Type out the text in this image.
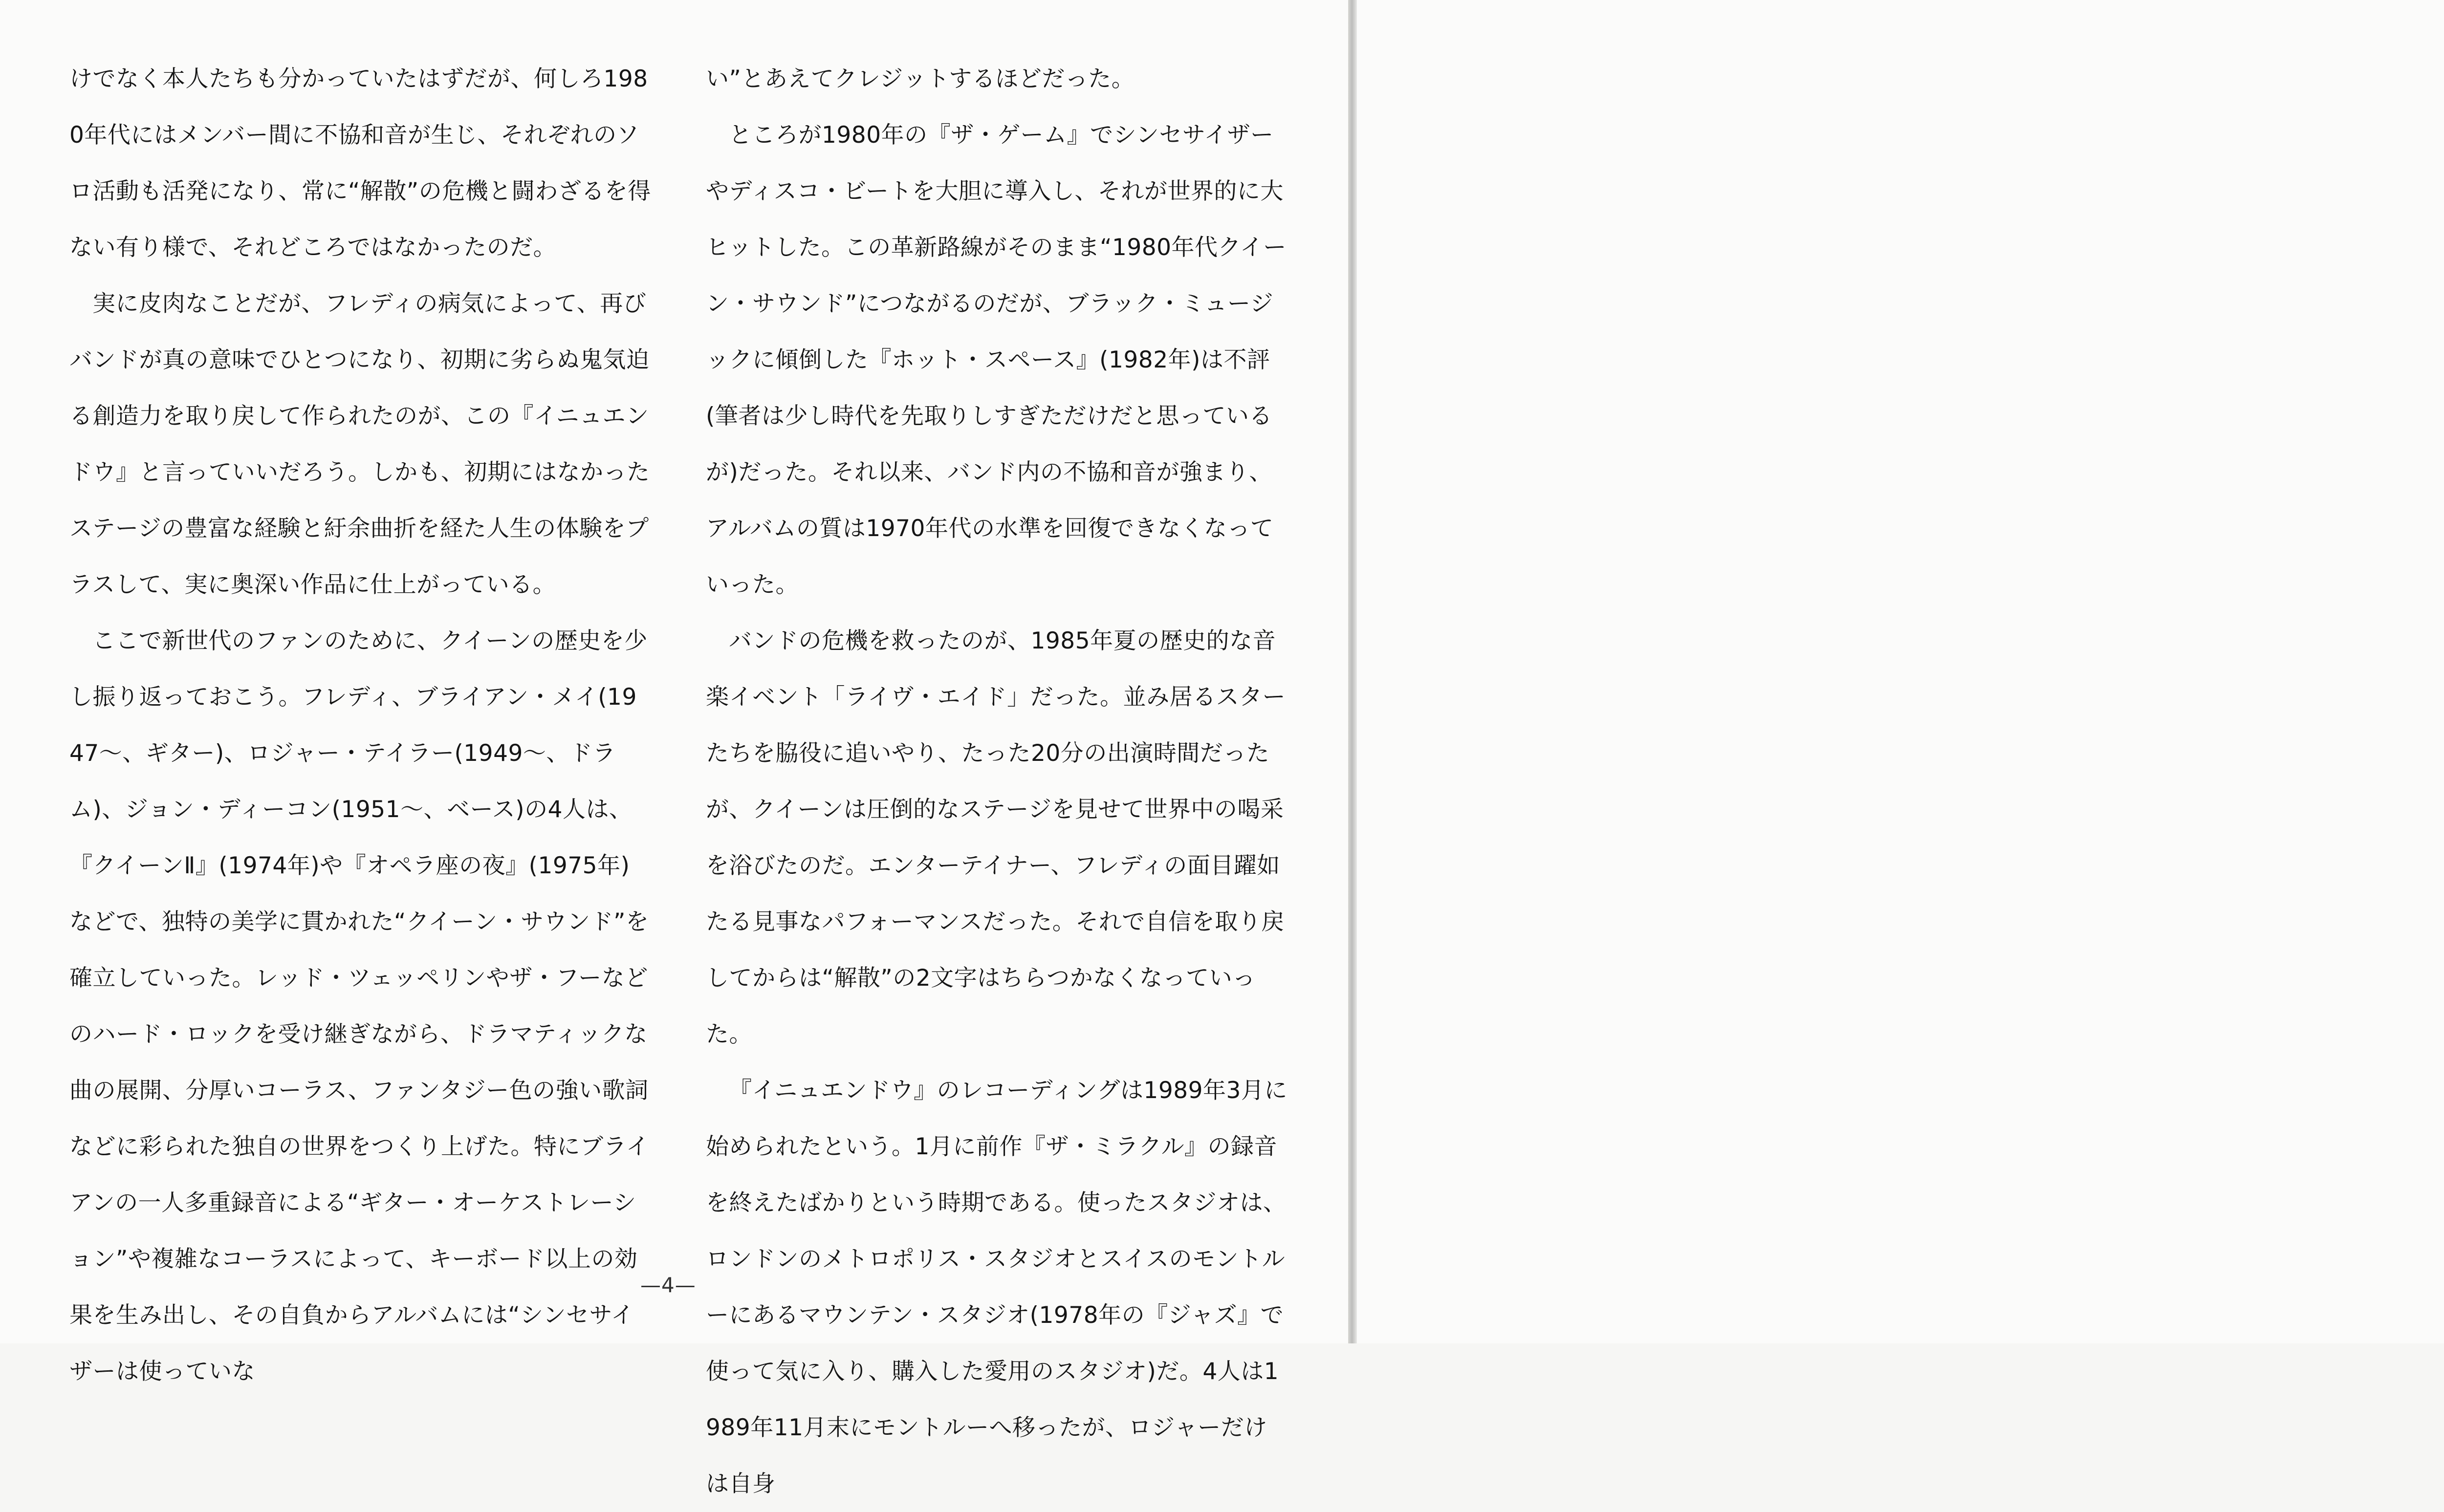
けでなく本人たちも分かっていたはずだが、何しろ1980年代にはメンバー間に不協和音が生じ、それぞれのソロ活動も活発になり、常に“解散”の危機と闘わざるを得ない有り様で、それどころではなかったのだ。

実に皮肉なことだが、フレディの病気によって、再びバンドが真の意味でひとつになり、初期に劣らぬ鬼気迫る創造力を取り戻して作られたのが、この『イニュエンドウ』と言っていいだろう。しかも、初期にはなかったステージの豊富な経験と紆余曲折を経た人生の体験をプラスして、実に奥深い作品に仕上がっている。

ここで新世代のファンのために、クイーンの歴史を少し振り返っておこう。フレディ、ブライアン・メイ(1947〜、ギター)、ロジャー・テイラー(1949〜、ドラム)、ジョン・ディーコン(1951〜、ベース)の4人は、『クイーンⅡ』(1974年)や『オペラ座の夜』(1975年)などで、独特の美学に貫かれた“クイーン・サウンド”を確立していった。レッド・ツェッペリンやザ・フーなどのハード・ロックを受け継ぎながら、ドラマティックな曲の展開、分厚いコーラス、ファンタジー色の強い歌詞などに彩られた独自の世界をつくり上げた。特にブライアンの一人多重録音による“ギター・オーケストレーション”や複雑なコーラスによって、キーボード以上の効果を生み出し、その自負からアルバムには“シンセサイザーは使っていな

い”とあえてクレジットするほどだった。

ところが1980年の『ザ・ゲーム』でシンセサイザーやディスコ・ビートを大胆に導入し、それが世界的に大ヒットした。この革新路線がそのまま“1980年代クイーン・サウンド”につながるのだが、ブラック・ミュージックに傾倒した『ホット・スペース』(1982年)は不評(筆者は少し時代を先取りしすぎただけだと思っているが)だった。それ以来、バンド内の不協和音が強まり、アルバムの質は1970年代の水準を回復できなくなっていった。

バンドの危機を救ったのが、1985年夏の歴史的な音楽イベント「ライヴ・エイド」だった。並み居るスターたちを脇役に追いやり、たった20分の出演時間だったが、クイーンは圧倒的なステージを見せて世界中の喝采を浴びたのだ。エンターテイナー、フレディの面目躍如たる見事なパフォーマンスだった。それで自信を取り戻してからは“解散”の2文字はちらつかなくなっていった。

『イニュエンドウ』のレコーディングは1989年3月に始められたという。1月に前作『ザ・ミラクル』の録音を終えたばかりという時期である。使ったスタジオは、ロンドンのメトロポリス・スタジオとスイスのモントルーにあるマウンテン・スタジオ(1978年の『ジャズ』で使って気に入り、購入した愛用のスタジオ)だ。4人は1989年11月末にモントルーへ移ったが、ロジャーだけは自身

—4—
